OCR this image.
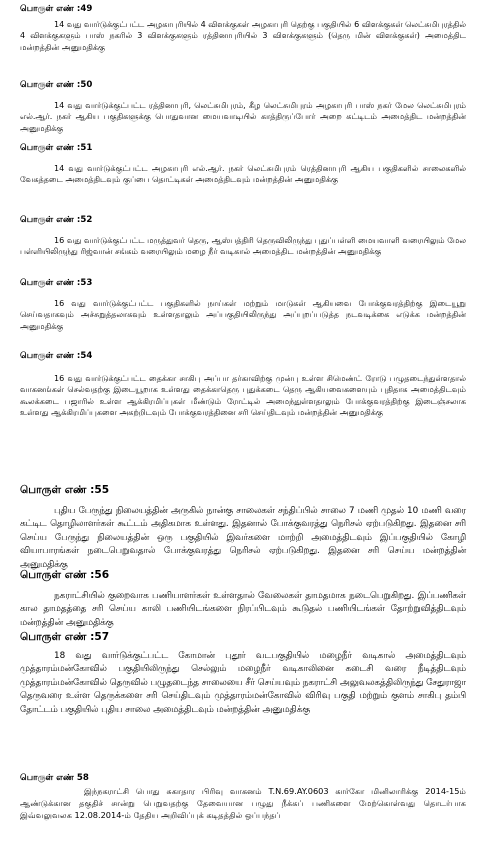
பொருள் எண் :49

14 வது வார்டுக்குட்பட்ட அழகாபுரியில் 4 விளக்குகள் அழகாபுரி தெற்கு பகுதியில் 6 விளக்குகள் லெட்சுமிபுரத்தில் 4 விளக்குகளும் பாஸ் நகரில் 3 விளக்குகளும் ரத்தினாபுரியில் 3 விளக்குகளும் (தெரு மின் விளக்குகள்) அமைத்திட மன்றத்தின் அனுமதிக்கு

பொருள் எண் :50

14 வது வார்டுக்குட்பட்ட ரத்தினாபுரி, லெட்சுமிபுரம், கீழ லெட்சுமிபுரம் அழகாபுரி பாஸ் நகர் மேல லெட்சுமிபுரம் எல்.ஆர். நகர் ஆகிய பகுதிகளுக்கு பொதுவான மையவாடியில் காத்திருப்போர் அறை கட்டிடம் அமைத்திட மன்றத்தின் அனுமதிக்கு

பொருள் எண் :51

14 வது வார்டுக்குட்பட்ட அழகாபுரி எல்.ஆர். நகர் லெட்சுமிபுரம் ரெத்தினாபுரி ஆகிய பகுதிகளில் சாலைகளில் வேகத்தடை அமைத்திடவும் குப்பை தொட்டிகள் அமைத்திடவும் மன்றத்தின் அனுமதிக்கு

பொருள் எண் :52

16 வது வார்டுக்குட்பட்ட மருத்துவர் தெரு, ஆஸ்பத்திரி தெருவிலிருந்து புதுப்பள்ளி மையவாளி வரையிலும் மேல பள்ளியிலிருந்து ரிஜ்வான் சங்கம் வரையிலும் மழை நீர் வடிகால் அமைத்திட மன்றத்தின் அனுமதிக்கு

பொருள் எண் :53

16 வது வார்டுக்குட்பட்ட பகுதிகளில் நாய்கள் மற்றும் மாடுகள் ஆகியவை போக்குவரத்திற்கு இடையூறு செய்வதாகவும் அச்சுறுத்தலாகவும் உள்ளதாலும் அப்பகுதியிலிருந்து அப்புறப்படுத்த நடவடிக்கை எடுக்க மன்றத்தின் அனுமதிக்கு

பொருள் எண் :54

16 வது வார்டுக்குட்பட்ட தைக்கா சாகிபு அப்பா தர்காவிற்கு முன்பு உள்ள சிமெண்ட் ரோடு பழுதடைந்துள்ளதால் வாகனங்கள் செல்வதற்கு இடையூறாக உள்ளது தைக்காதெரு புதுக்கடை தெரு ஆகியவைகளையும் புதிதாக அமைத்திடவும் கூலக்கடை பஜாரில் உள்ள ஆக்கிரமிப்புகள் மீண்டும் ரோட்டில் அமைந்துள்ளதாலும் போக்குவரத்திற்கு இடைஞ்சலாக உள்ளது ஆக்கிரமிப்புகளை அகற்றிடவும் போக்குவரத்தினை சரி செய்திடவும் மன்றத்தின் அனுமதிக்கு

பொருள் எண் :55

புதிய பேருந்து நிலையத்தின் அருகில் நான்கு சாலைகள் சந்திப்பில் சாலை 7 மணி முதல் 10 மணி வரை கட்டிட தொழிலாளர்கள் கூட்டம் அதிகமாக உள்ளது. இதனால் போக்குவரத்து நெரிசல் ஏற்படுகிறது. இதனை சரி செய்ய பேருந்து நிலையத்தின் ஒரு பகுதியில் இவர்களை மாற்றி அமைத்திடவும் இப்பகுதியில் கோழி வியாபாரங்கள் நடைபெறுவதால் போக்குவரத்து நெரிசல் ஏற்படுகிறது. இதனை சரி செய்ய மன்றத்தின் அனுமதிக்கு

பொருள் எண் :56

நகராட்சியில் குறைவாக பணியாளர்கள் உள்ளதால் வேலைகள் தாமதமாக நடைபெறுகிறது. இப்பணிகள் கால தாமதத்தை சரி செய்ய காலி பணியிடங்களை நிரப்பிடவும் கூடுதல் பணியிடங்கள் தோற்றுவித்திடவும் மன்றத்தின் அனுமதிக்கு

பொருள் எண் :57

18 வது வார்டுக்குட்பட்ட கோமான் புதூர் வடபகுதியில் மழைநீர் வடிகால் அமைத்திடவும் முத்தாரம்மன்கோவில் பகுதியிலிருந்து செல்லும் மழைநீர் வடிகாலினை கடைசி வரை நீடித்திடவும் முத்தாரம்மன்கோவில் தெருவில் பழுதடைந்த சாலையை சீர் செய்யவும் நகராட்சி அலுவலகத்திலிருந்து சேதுராஜா தெருவரை உள்ள தெருக்களை சரி செய்திடவும் முத்தாரம்மன்கோவில் விரிவு பகுதி மற்றும் குளம் சாகிபு தம்பி தோட்டம் பகுதியில் புதிய சாலை அமைத்திடவும் மன்றத்தின் அனுமதிக்கு

பொருள் எண் 58

இந்நகராட்சி பொது சுகாதார பிரிவு வாகனம் T.N.69.AY.0603 கார்கோ மினிலாரிக்கு 2014-15ம் ஆண்டுக்கான தகுதிச் சான்று பெறுவதற்கு தேவையான பழுது நீக்கப் பணிகளை மேற்கொள்வது தொடர்பாக இவ்வலுவலக 12.08.2014-ம் தேதிய அறிவிப்புக் கடிதத்தில் ஒப்பந்தப்
